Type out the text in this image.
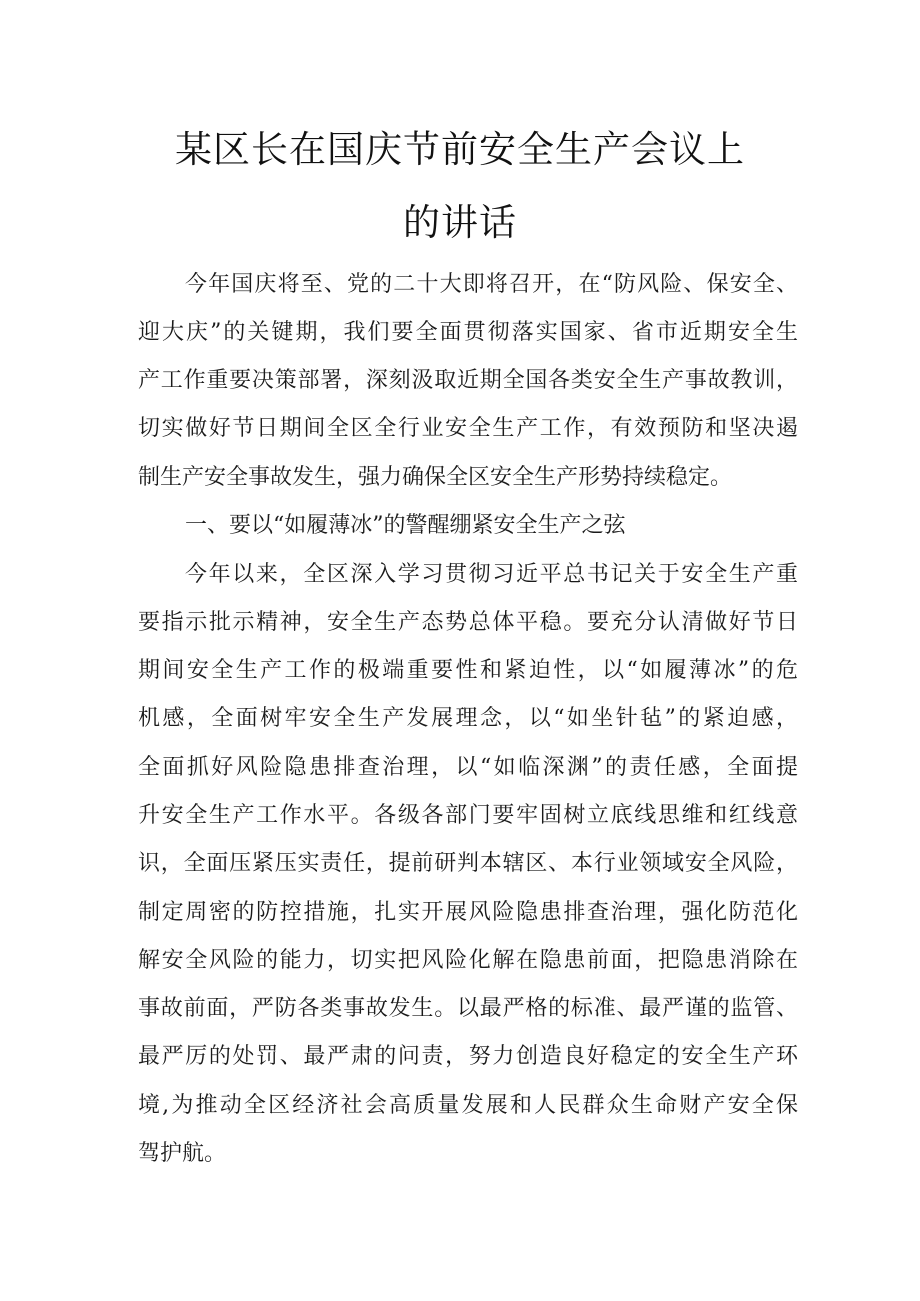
某区长在国庆节前安全生产会议上
的讲话
今年国庆将至、党的二十大即将召开，在“防风险、保安全、
迎大庆”的关键期，我们要全面贯彻落实国家、省市近期安全生
产工作重要决策部署，深刻汲取近期全国各类安全生产事故教训，
切实做好节日期间全区全行业安全生产工作，有效预防和坚决遏
制生产安全事故发生，强力确保全区安全生产形势持续稳定。
一、要以“如履薄冰”的警醒绷紧安全生产之弦
今年以来，全区深入学习贯彻习近平总书记关于安全生产重
要指示批示精神，安全生产态势总体平稳。要充分认清做好节日
期间安全生产工作的极端重要性和紧迫性，以“如履薄冰”的危
机感，全面树牢安全生产发展理念，以“如坐针毡”的紧迫感，
全面抓好风险隐患排查治理，以“如临深渊”的责任感，全面提
升安全生产工作水平。各级各部门要牢固树立底线思维和红线意
识，全面压紧压实责任，提前研判本辖区、本行业领域安全风险，
制定周密的防控措施，扎实开展风险隐患排查治理，强化防范化
解安全风险的能力，切实把风险化解在隐患前面，把隐患消除在
事故前面，严防各类事故发生。以最严格的标准、最严谨的监管、
最严厉的处罚、最严肃的问责，努力创造良好稳定的安全生产环
境,为推动全区经济社会高质量发展和人民群众生命财产安全保
驾护航。
